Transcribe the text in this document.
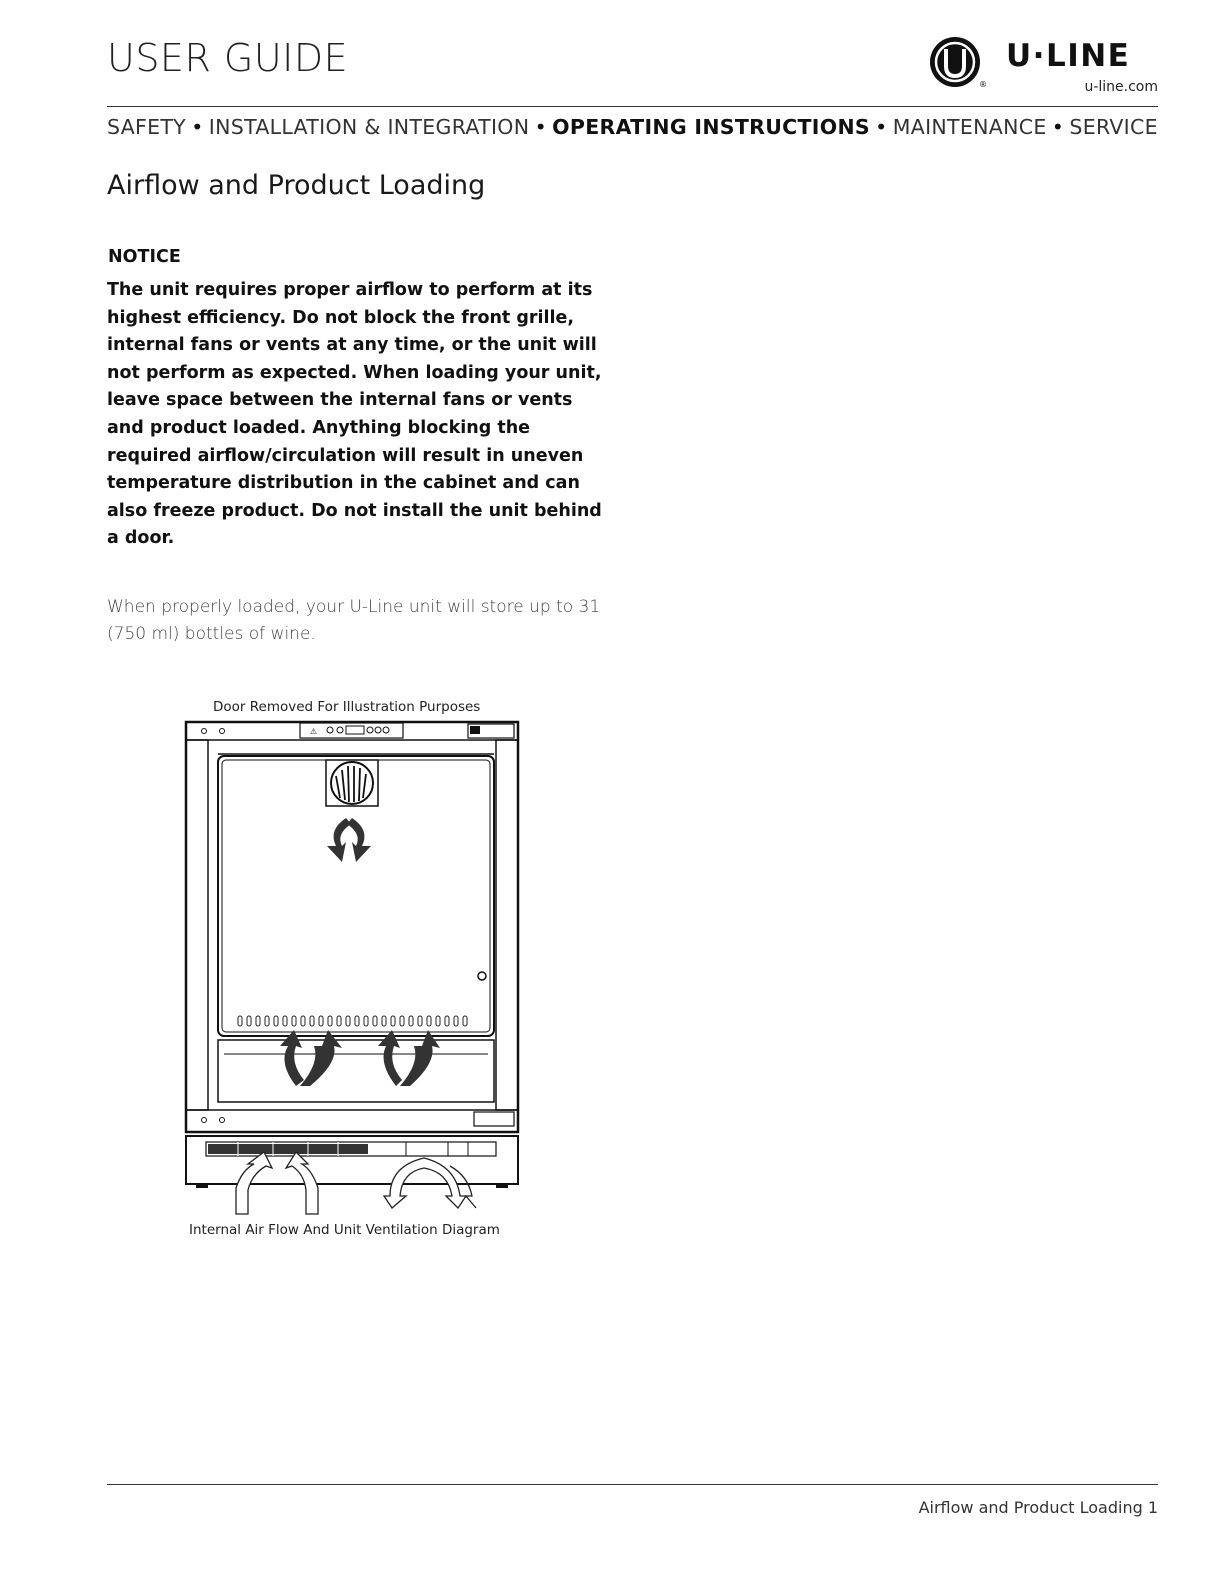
USER GUIDE
®
U·LINE
u-line.com
SAFETY • INSTALLATION & INTEGRATION • OPERATING INSTRUCTIONS • MAINTENANCE • SERVICE
Airflow and Product Loading
NOTICE
The unit requires proper airflow to perform at its highest efficiency. Do not block the front grille, internal fans or vents at any time, or the unit will not perform as expected. When loading your unit, leave space between the internal fans or vents and product loaded. Anything blocking the required airflow/circulation will result in uneven temperature distribution in the cabinet and can also freeze product. Do not install the unit behind a door.
When properly loaded, your U-Line unit will store up to 31 (750 ml) bottles of wine.
Door Removed For Illustration Purposes
Internal Air Flow And Unit Ventilation Diagram
⚠
Airflow and Product Loading 1
